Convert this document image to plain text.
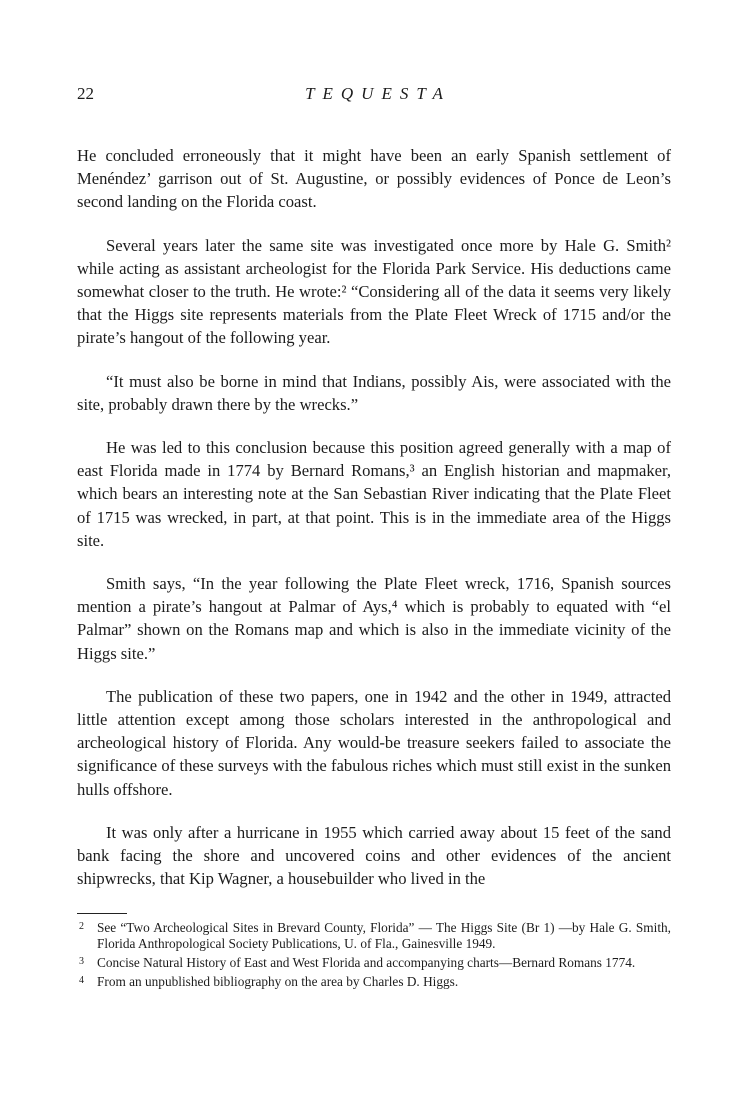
22	TEQUESTA

He concluded erroneously that it might have been an early Spanish settlement of Menéndez’ garrison out of St. Augustine, or possibly evidences of Ponce de Leon’s second landing on the Florida coast.

Several years later the same site was investigated once more by Hale G. Smith² while acting as assistant archeologist for the Florida Park Service. His deductions came somewhat closer to the truth. He wrote:² “Considering all of the data it seems very likely that the Higgs site represents materials from the Plate Fleet Wreck of 1715 and/or the pirate’s hangout of the following year.

“It must also be borne in mind that Indians, possibly Ais, were associated with the site, probably drawn there by the wrecks.”

He was led to this conclusion because this position agreed generally with a map of east Florida made in 1774 by Bernard Romans,³ an English historian and mapmaker, which bears an interesting note at the San Sebastian River indicating that the Plate Fleet of 1715 was wrecked, in part, at that point. This is in the immediate area of the Higgs site.

Smith says, “In the year following the Plate Fleet wreck, 1716, Spanish sources mention a pirate’s hangout at Palmar of Ays,⁴ which is probably to equated with “el Palmar” shown on the Romans map and which is also in the immediate vicinity of the Higgs site.”

The publication of these two papers, one in 1942 and the other in 1949, attracted little attention except among those scholars interested in the anthropological and archeological history of Florida. Any would-be treasure seekers failed to associate the significance of these surveys with the fabulous riches which must still exist in the sunken hulls offshore.

It was only after a hurricane in 1955 which carried away about 15 feet of the sand bank facing the shore and uncovered coins and other evidences of the ancient shipwrecks, that Kip Wagner, a housebuilder who lived in the

2 See “Two Archeological Sites in Brevard County, Florida” — The Higgs Site (Br 1) —by Hale G. Smith, Florida Anthropological Society Publications, U. of Fla., Gainesville 1949.

3 Concise Natural History of East and West Florida and accompanying charts—Bernard Romans 1774.

4 From an unpublished bibliography on the area by Charles D. Higgs.
